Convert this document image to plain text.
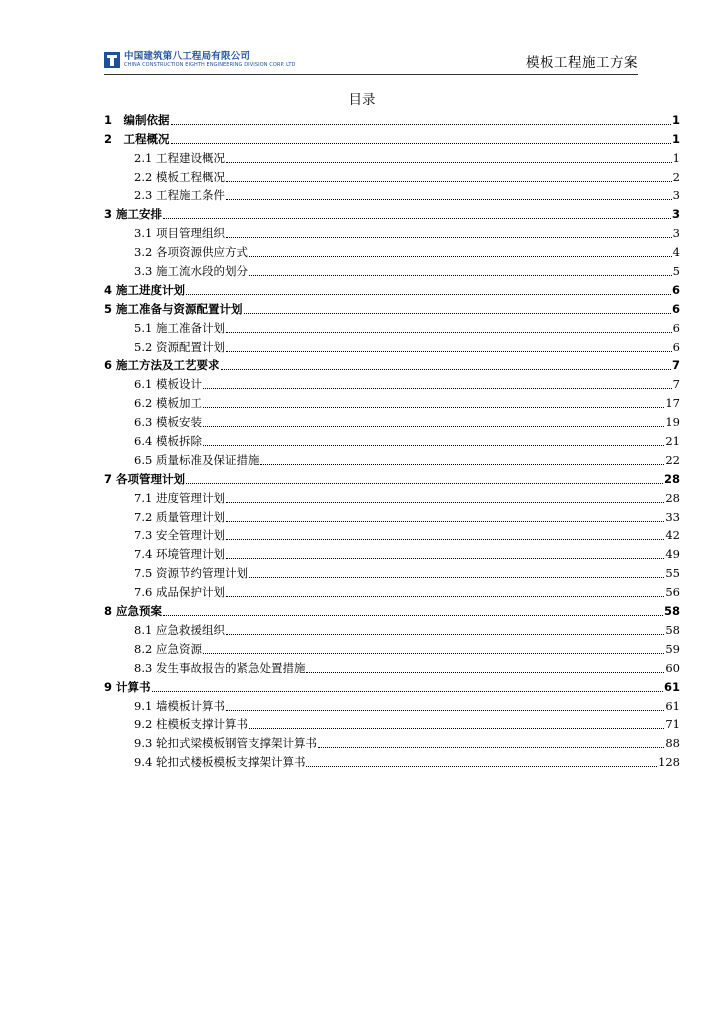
中国建筑第八工程局有限公司
CHINA CONSTRUCTION EIGHTH ENGINEERING DIVISION CORP. LTD	模板工程施工方案
目录
1　编制依据	1
2　工程概况	1
2.1 工程建设概况	1
2.2 模板工程概况	2
2.3 工程施工条件	3
3 施工安排	3
3.1 项目管理组织	3
3.2 各项资源供应方式	4
3.3 施工流水段的划分	5
4 施工进度计划	6
5 施工准备与资源配置计划	6
5.1 施工准备计划	6
5.2 资源配置计划	6
6 施工方法及工艺要求	7
6.1 模板设计	7
6.2 模板加工	17
6.3 模板安装	19
6.4 模板拆除	21
6.5 质量标准及保证措施	22
7 各项管理计划	28
7.1 进度管理计划	28
7.2 质量管理计划	33
7.3 安全管理计划	42
7.4 环境管理计划	49
7.5 资源节约管理计划	55
7.6 成品保护计划	56
8 应急预案	58
8.1 应急救援组织	58
8.2 应急资源	59
8.3 发生事故报告的紧急处置措施	60
9 计算书	61
9.1 墙模板计算书	61
9.2 柱模板支撑计算书	71
9.3 轮扣式梁模板钢管支撑架计算书	88
9.4 轮扣式楼板模板支撑架计算书	128
